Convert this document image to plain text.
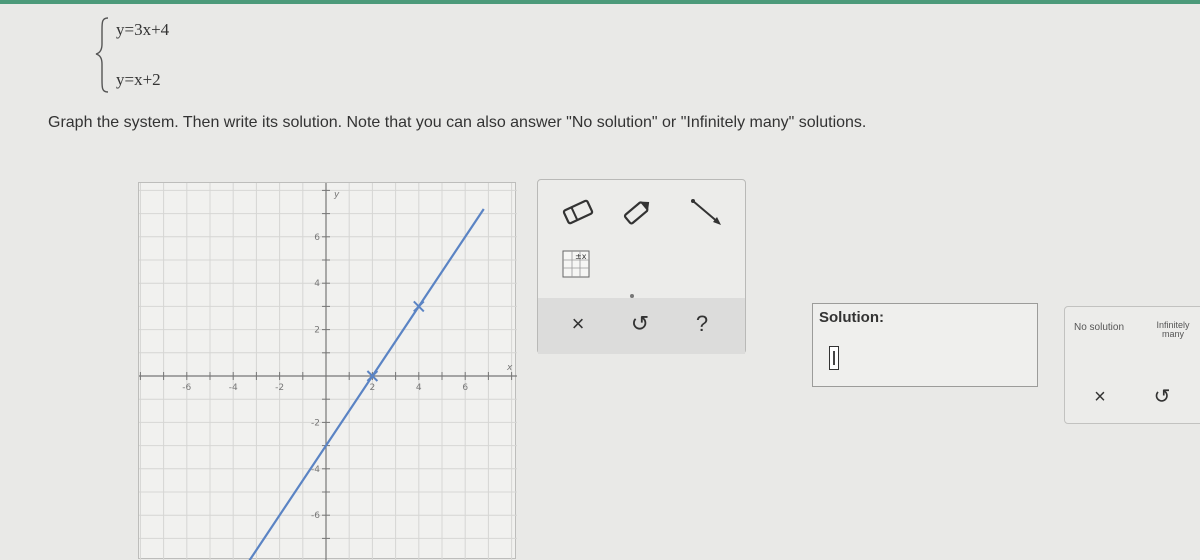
y=3x+4
y=x+2
Graph the system. Then write its solution. Note that you can also answer "No solution" or "Infinitely many" solutions.
-6	-4	-2	2	4	6
6
4
2
-2
-4
-6
x
y
±x
× ↺ ?	Solution:
No solution	Infinitely many
×	↺
